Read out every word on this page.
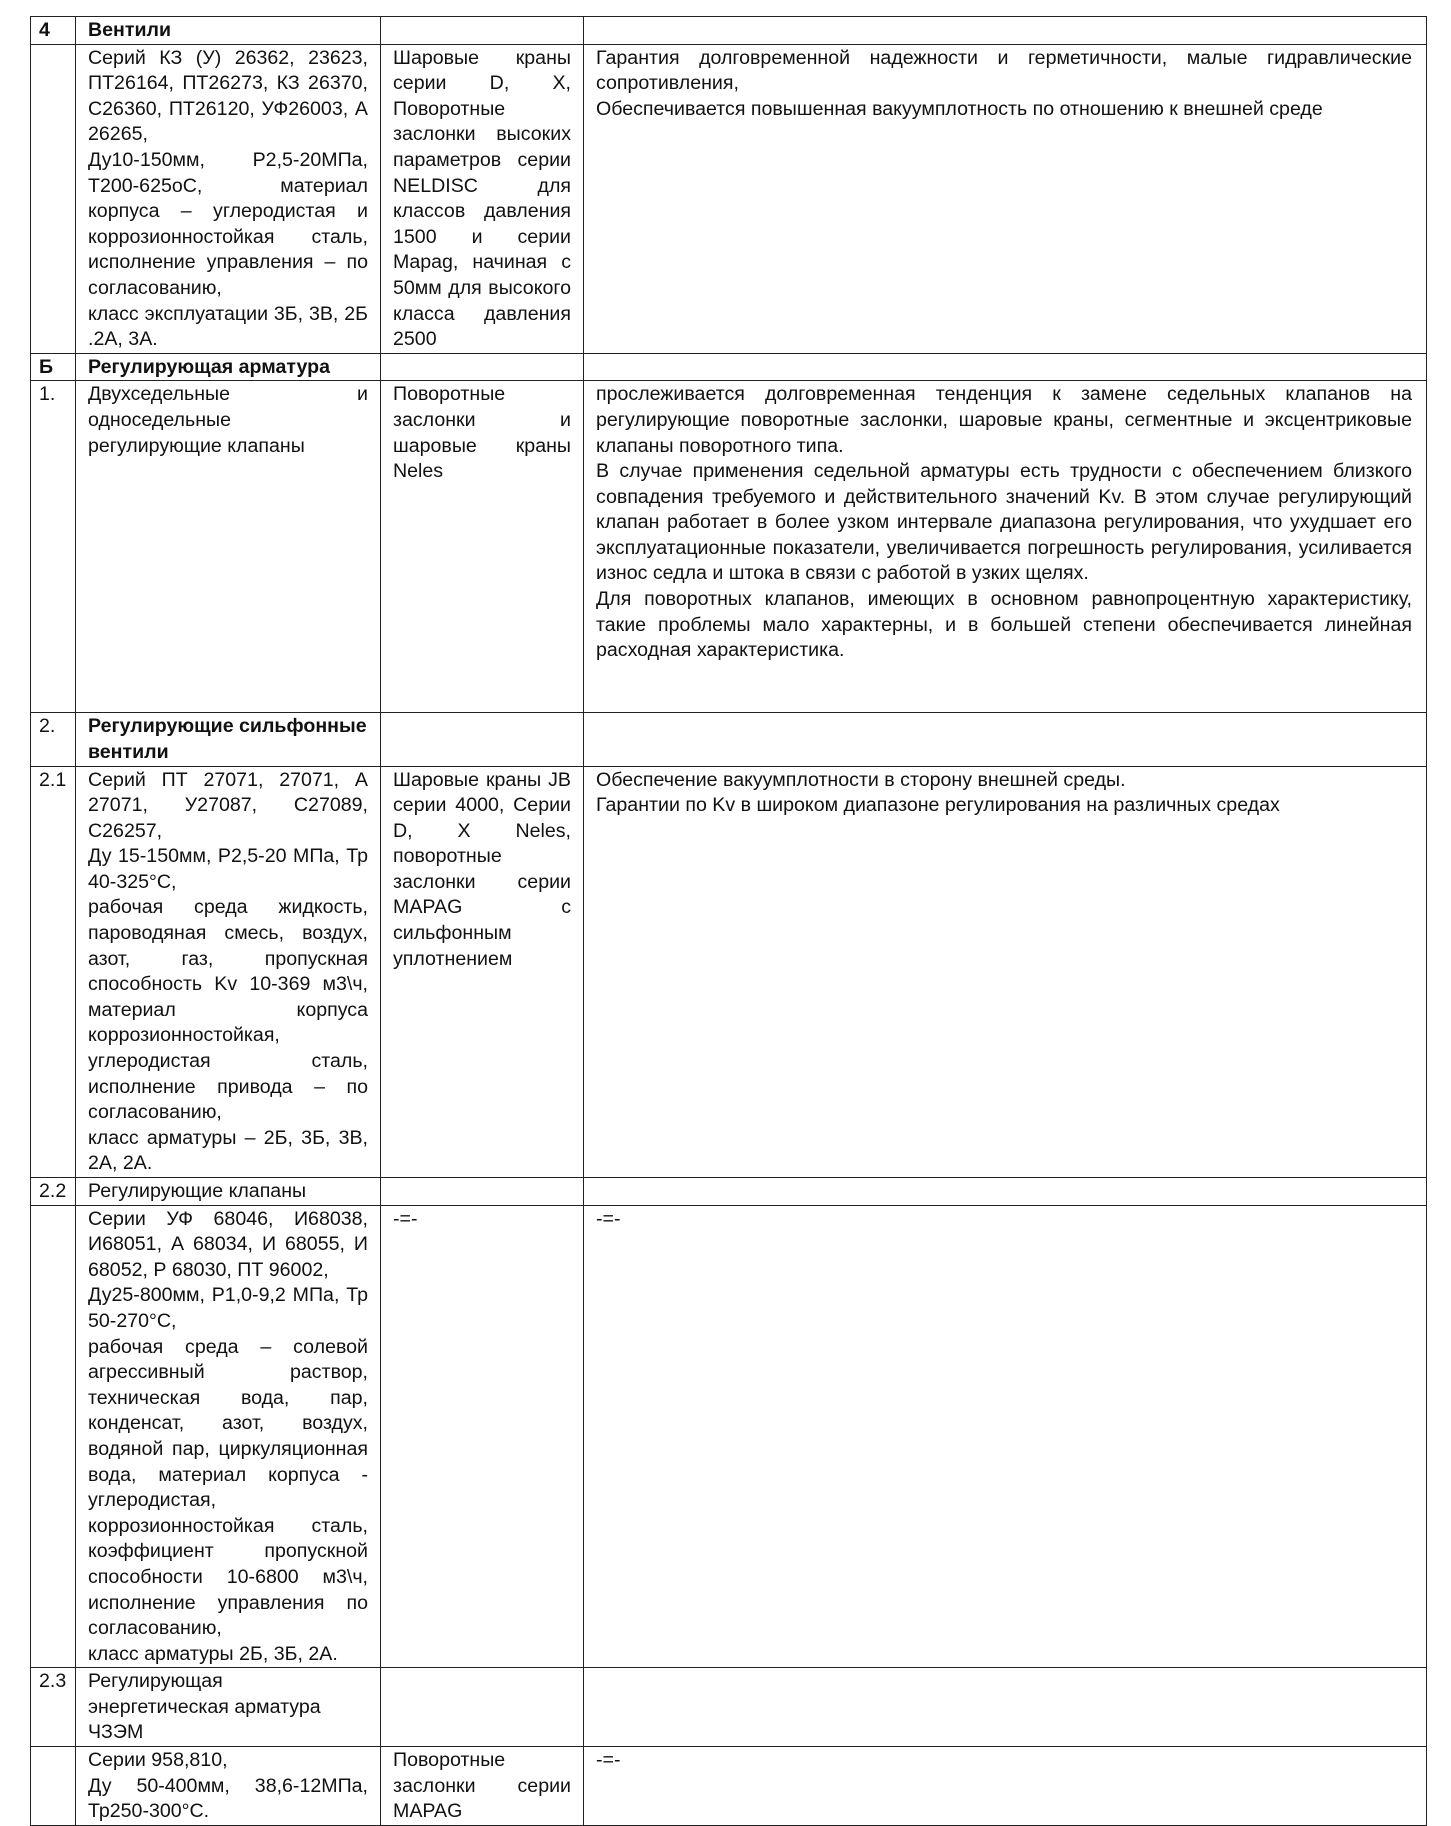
4	Вентили		

	Серий КЗ (У) 26362, 23623, ПТ26164, ПТ26273, КЗ 26370, С26360, ПТ26120, УФ26003, А 26265,
Ду10-150мм, Р2,5-20МПа, Т200-625оС, материал корпуса – углеродистая и коррозионностойкая сталь, исполнение управления – по согласованию,
класс эксплуатации 3Б, 3В, 2Б .2А, 3А.	Шаровые краны серии D, X, Поворотные заслонки высоких параметров серии NELDISC для классов давления 1500 и серии Mapag, начиная с 50мм для высокого класса давления 2500	Гарантия долговременной надежности и герметичности, малые гидравлические сопротивления,
Обеспечивается повышенная вакуумплотность по отношению к внешней среде

Б	Регулирующая арматура		
1.	Двухседельные и односедельные регулирующие клапаны	Поворотные заслонки и шаровые краны Neles	прослеживается долговременная тенденция к замене седельных клапанов на регулирующие поворотные заслонки, шаровые краны, сегментные и эксцентриковые клапаны поворотного типа.
В случае применения седельной арматуры есть трудности с обеспечением близкого совпадения требуемого и действительного значений Kv. В этом случае регулирующий клапан работает в более узком интервале диапазона регулирования, что ухудшает его эксплуатационные показатели, увеличивается погрешность регулирования, усиливается износ седла и штока в связи с работой в узких щелях.
Для поворотных клапанов, имеющих в основном равнопроцентную характеристику, такие проблемы мало характерны, и в большей степени обеспечивается линейная расходная характеристика.

2.	Регулирующие сильфонные вентили		
2.1	Серий ПТ 27071, 27071, А 27071, У27087, С27089, С26257,
Ду 15-150мм, Р2,5-20 МПа, Тр 40-325°С,
рабочая среда жидкость, пароводяная смесь, воздух, азот, газ, пропускная способность Kv 10-369 м3\ч, материал корпуса коррозионностойкая, углеродистая сталь, исполнение привода – по согласованию,
класс арматуры – 2Б, 3Б, 3В, 2А, 2А.	Шаровые краны JB серии 4000, Серии D, X Neles, поворотные заслонки серии MAPAG с сильфонным уплотнением	Обеспечение вакуумплотности в сторону внешней среды.
Гарантии по Kv в широком диапазоне регулирования на различных средах

2.2	Регулирующие клапаны		

	Серии УФ 68046, И68038, И68051, А 68034, И 68055, И 68052, Р 68030, ПТ 96002,
Ду25-800мм, Р1,0-9,2 МПа, Тр 50-270°С,
рабочая среда – солевой агрессивный раствор, техническая вода, пар, конденсат, азот, воздух, водяной пар, циркуляционная вода, материал корпуса - углеродистая, коррозионностойкая сталь, коэффициент пропускной способности 10-6800 м3\ч, исполнение управления по согласованию,
класс арматуры 2Б, 3Б, 2А.	-=-	-=-

2.3	Регулирующая энергетическая арматура ЧЗЭМ		

	Серии 958,810,
Ду 50-400мм, 38,6-12МПа, Тр250-300°С.	Поворотные заслонки серии MAPAG	-=-
